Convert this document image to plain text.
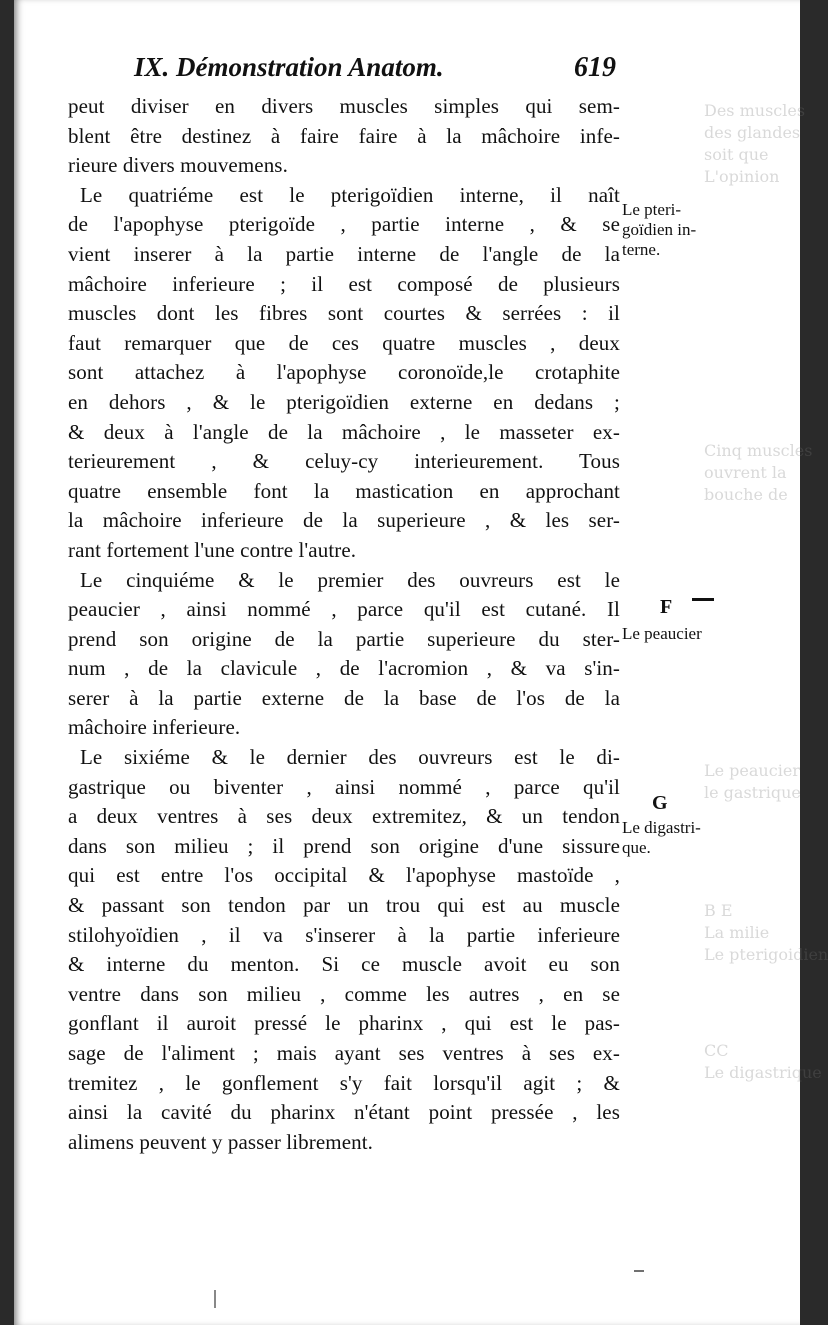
Des muscles
des glandes
soit que
L'opinion
Cinq muscles
ouvrent la
bouche de
Le peaucier
le gastrique
B E
La milie
Le pterigoidien
CC
Le digastrique
IX. Démonstration Anatom.	619
peut diviser en divers muscles simples qui sem-
blent être destinez à faire faire à la mâchoire infe-
rieure divers mouvemens.
Le quatriéme est le pterigoïdien interne, il naît
de l'apophyse pterigoïde , partie interne , & se
vient inserer à la partie interne de l'angle de la
mâchoire inferieure ; il est composé de plusieurs
muscles dont les fibres sont courtes & serrées : il
faut remarquer que de ces quatre muscles , deux
sont attachez à l'apophyse coronoïde,le crotaphite
en dehors , & le pterigoïdien externe en dedans ;
& deux à l'angle de la mâchoire , le masseter ex-
terieurement , & celuy-cy interieurement. Tous
quatre ensemble font la mastication en approchant
la mâchoire inferieure de la superieure , & les ser-
rant fortement l'une contre l'autre.
Le cinquiéme & le premier des ouvreurs est le
peaucier , ainsi nommé , parce qu'il est cutané. Il
prend son origine de la partie superieure du ster-
num , de la clavicule , de l'acromion , & va s'in-
serer à la partie externe de la base de l'os de la
mâchoire inferieure.
Le sixiéme & le dernier des ouvreurs est le di-
gastrique ou biventer , ainsi nommé , parce qu'il
a deux ventres à ses deux extremitez, & un tendon
dans son milieu ; il prend son origine d'une sissure
qui est entre l'os occipital & l'apophyse mastoïde ,
& passant son tendon par un trou qui est au muscle
stilohyoïdien , il va s'inserer à la partie inferieure
& interne du menton. Si ce muscle avoit eu son
ventre dans son milieu , comme les autres , en se
gonflant il auroit pressé le pharinx , qui est le pas-
sage de l'aliment ; mais ayant ses ventres à ses ex-
tremitez , le gonflement s'y fait lorsqu'il agit ; &
ainsi la cavité du pharinx n'étant point pressée , les
alimens peuvent y passer librement.
Le pteri-
goïdien in-
terne.
F
Le peaucier
G
Le digastri-
que.
